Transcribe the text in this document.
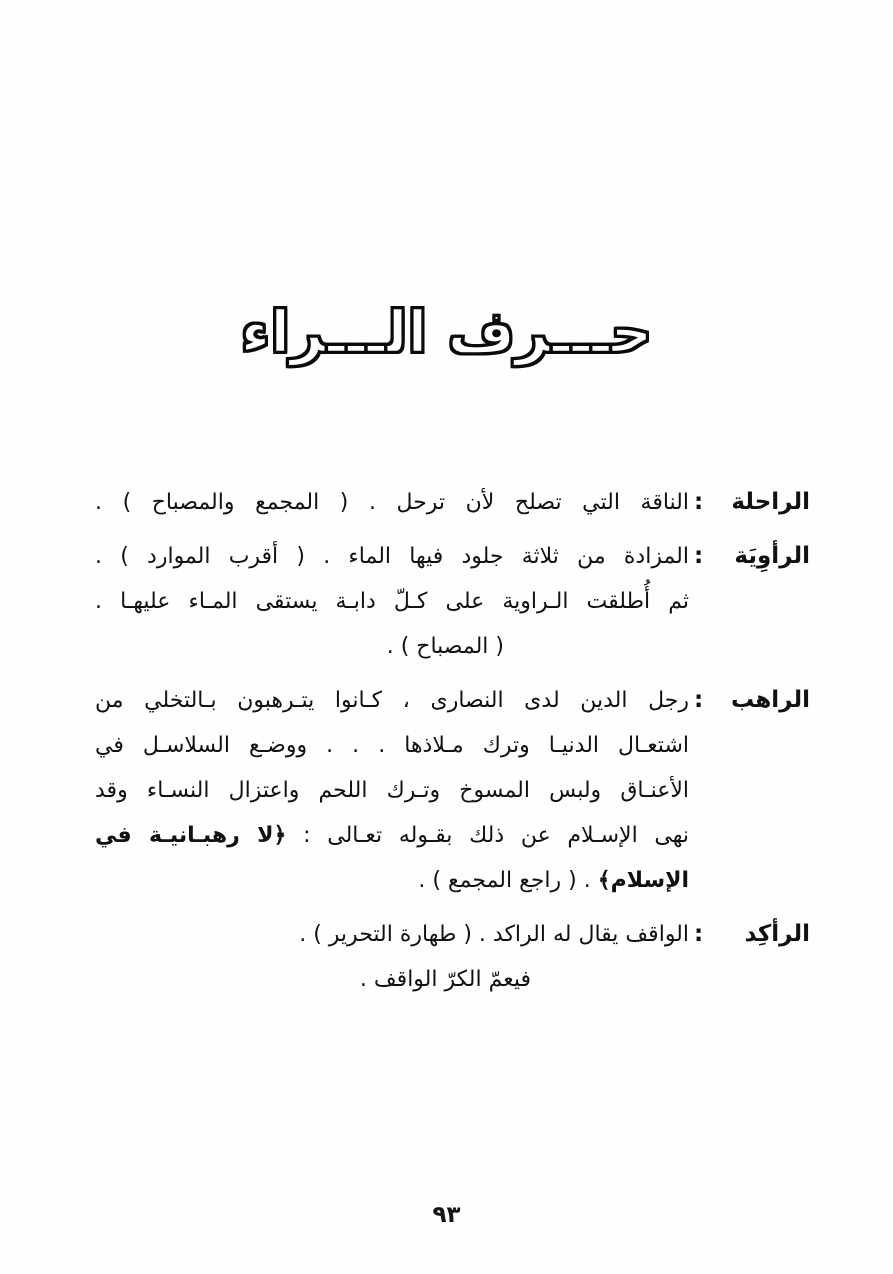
حـــرف الـــراء
الراحلة :
الناقة التي تصلح لأن ترحل . ( المجمع والمصباح ) .
الرأوِيَة :
المزادة من ثلاثة جلود فيها الماء . ( أقرب الموارد ) .
ثم أُطلقت الـراوية على كـلّ دابـة يستقى المـاء عليهـا .
( المصباح ) .
الراهب :
رجل الدين لدى النصارى ، كـانوا يتـرهبون بـالتخلي من
اشتعـال الدنيـا وترك مـلاذها . . . ووضـع السلاسـل في
الأعنـاق ولبس المسوخ وتـرك اللحم واعتزال النسـاء وقد
نهى الإسـلام عن ذلك بقـوله تعـالى : ﴿لا رهبـانيـة في
الإسلام﴾ . ( راجع المجمع ) .
الرأكِد :
الواقف يقال له الراكد . ( طهارة التحرير ) .
فيعمّ الكرّ الواقف .
٩٣
